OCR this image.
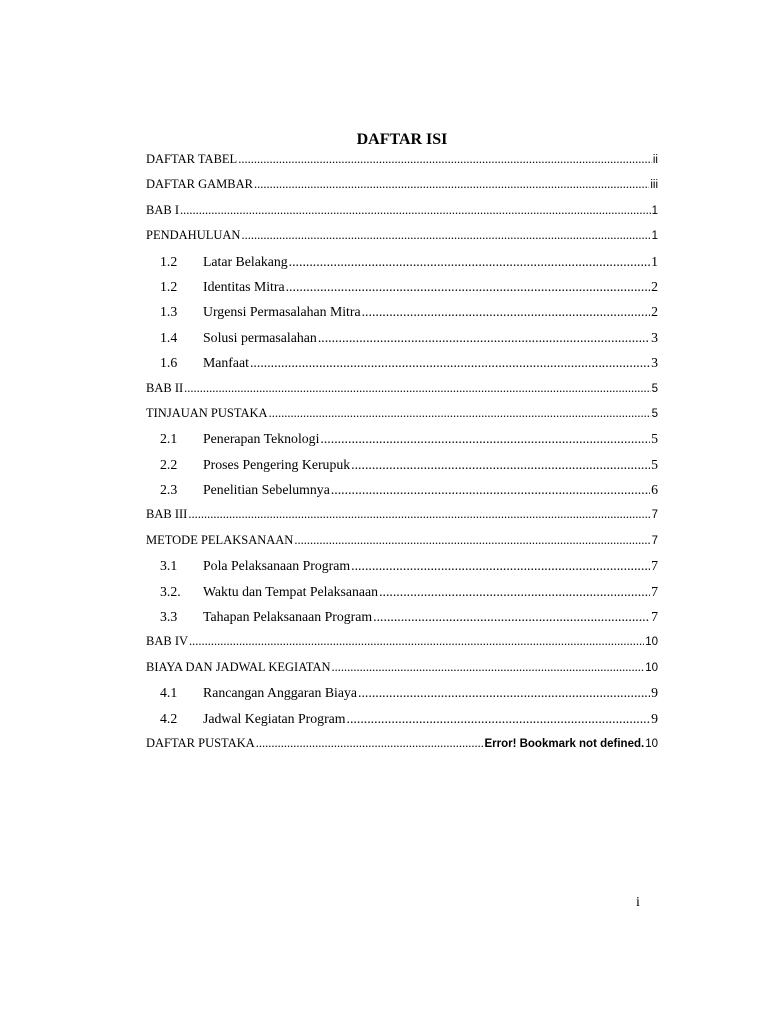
DAFTAR ISI
DAFTAR TABEL .....	ii
DAFTAR GAMBAR .....	iii
BAB I .....	1
PENDAHULUAN .....	1
1.2	Latar Belakang .....	1
1.2	Identitas Mitra .....	2
1.3	Urgensi Permasalahan Mitra .....	2
1.4	Solusi permasalahan .....	3
1.6	Manfaat .....	3
BAB II .....	5
TINJAUAN PUSTAKA .....	5
2.1	Penerapan Teknologi .....	5
2.2	Proses Pengering Kerupuk .....	5
2.3	Penelitian Sebelumnya .....	6
BAB III .....	7
METODE PELAKSANAAN .....	7
3.1	Pola Pelaksanaan Program .....	7
3.2.	Waktu dan Tempat Pelaksanaan .....	7
3.3	Tahapan Pelaksanaan Program .....	7
BAB IV .....	10
BIAYA DAN JADWAL KEGIATAN .....	10
4.1	Rancangan Anggaran Biaya .....	9
4.2	Jadwal Kegiatan Program .....	9
DAFTAR PUSTAKA .....	Error! Bookmark not defined. 10
i
